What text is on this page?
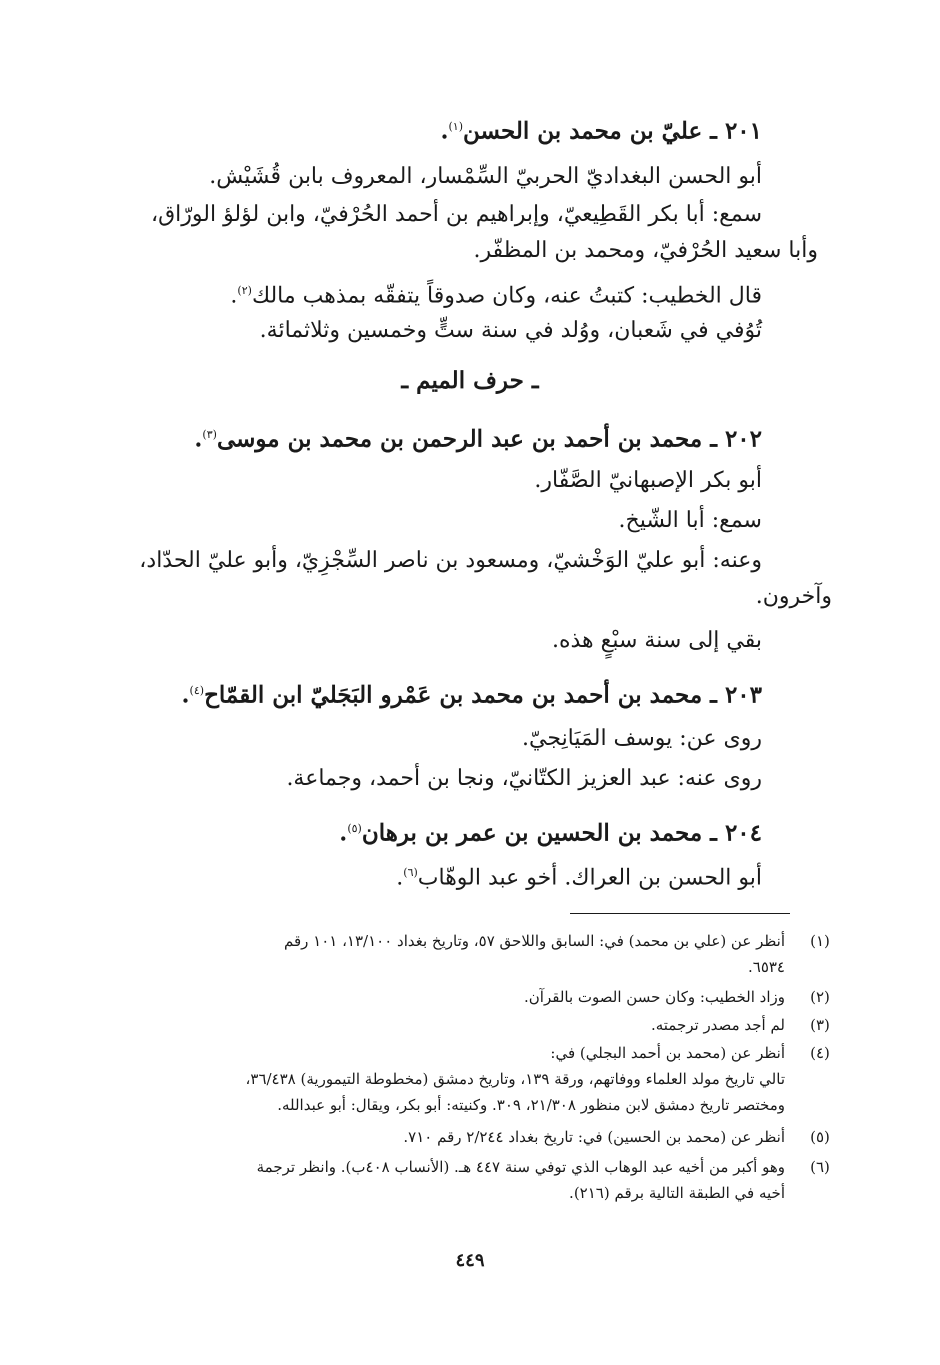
٢٠١ ـ عليّ بن محمد بن الحسن$^{(١)}$.
أبو الحسن البغداديّ الحربيّ السِّمْسار، المعروف بابن قُشَيْش.
سمع: أبا بكر القَطِيعيّ، وإبراهيم بن أحمد الحُرْفيّ، وابن لؤلؤ الورّاق،
وأبا سعيد الحُرْفيّ، ومحمد بن المظفّر.
قال الخطيب: كتبتُ عنه، وكان صدوقاً يتفقّه بمذهب مالك$^{(٢)}$.
تُوُفي في شَعبان، ووُلد في سنة ستٍّ وخمسين وثلاثمائة.
ـ حرف الميم ـ
٢٠٢ ـ محمد بن أحمد بن عبد الرحمن بن محمد بن موسى$^{(٣)}$.
أبو بكر الإصبهانيّ الصَّفّار.
سمع: أبا الشّيخ.
وعنه: أبو عليّ الوَخْشيّ، ومسعود بن ناصر السِّجْزِيّ، وأبو عليّ الحدّاد،
وآخرون.
بقي إلى سنة سبْعٍ هذه.
٢٠٣ ـ محمد بن أحمد بن محمد بن عَمْرو البَجَليّ ابن القمّاح$^{(٤)}$.
روى عن: يوسف المَيَانِجيّ.
روى عنه: عبد العزيز الكتّانيّ، ونجا بن أحمد، وجماعة.
٢٠٤ ـ محمد بن الحسين بن عمر بن برهان$^{(٥)}$.
أبو الحسن بن العراك. أخو عبد الوهّاب$^{(٦)}$.
(١)
أنظر عن (علي بن محمد) في: السابق واللاحق ٥٧، وتاريخ بغداد ١٣/١٠٠، ١٠١ رقم
٦٥٣٤.
(٢)
وزاد الخطيب: وكان حسن الصوت بالقرآن.
(٣)
لم أجد مصدر ترجمته.
(٤)
أنظر عن (محمد بن أحمد البجلي) في:
تالي تاريخ مولد العلماء ووفاتهم، ورقة ١٣٩، وتاريخ دمشق (مخطوطة التيمورية) ٣٦/٤٣٨،
ومختصر تاريخ دمشق لابن منظور ٢١/٣٠٨، ٣٠٩. وكنيته: أبو بكر، ويقال: أبو عبدالله.
(٥)
أنظر عن (محمد بن الحسين) في: تاريخ بغداد ٢/٢٤٤ رقم ٧١٠.
(٦)
وهو أكبر من أخيه عبد الوهاب الذي توفي سنة ٤٤٧ هـ. (الأنساب ٤٠٨ب). وانظر ترجمة
أخيه في الطبقة التالية برقم (٢١٦).
٤٤٩
